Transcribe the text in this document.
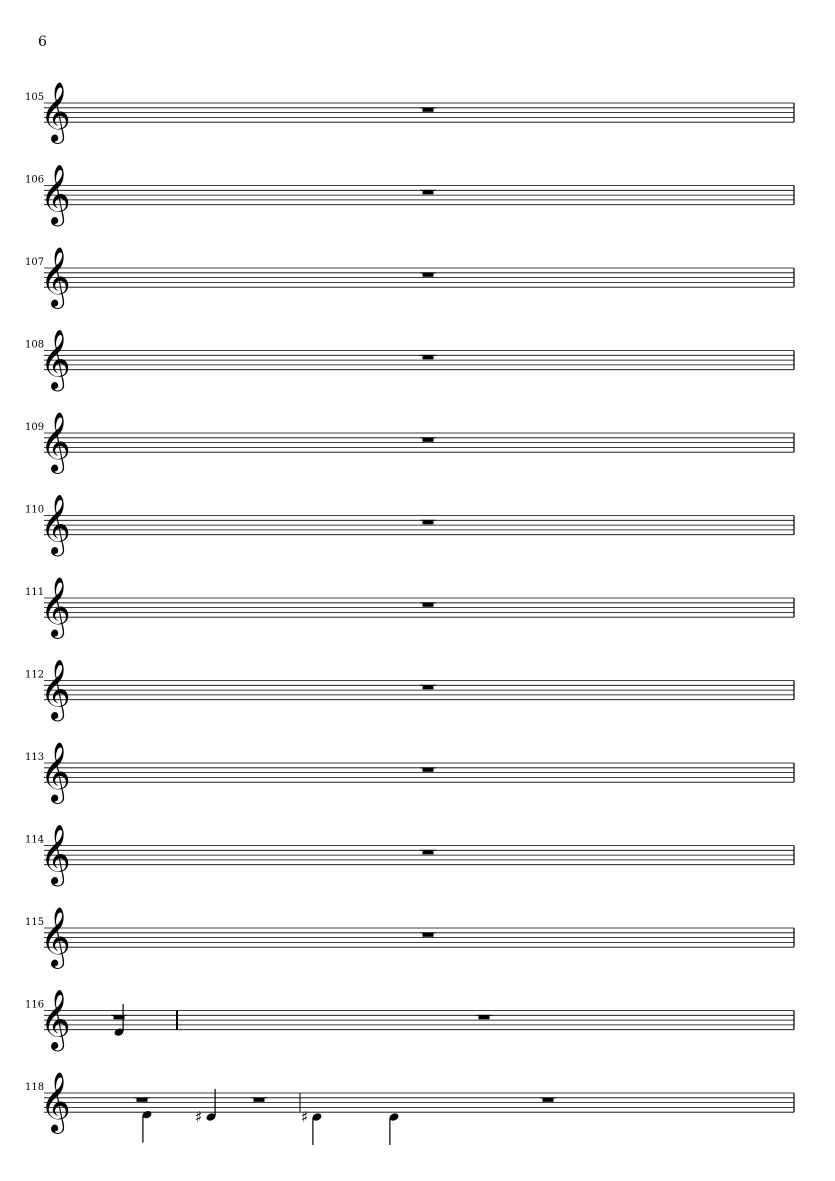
6
105
𝄞
106
𝄞
107
𝄞
108
𝄞
109
𝄞
110
𝄞
111
𝄞
112
𝄞
113
𝄞
114
𝄞
115
𝄞
116
𝄞
118
𝄞	♯	♯
